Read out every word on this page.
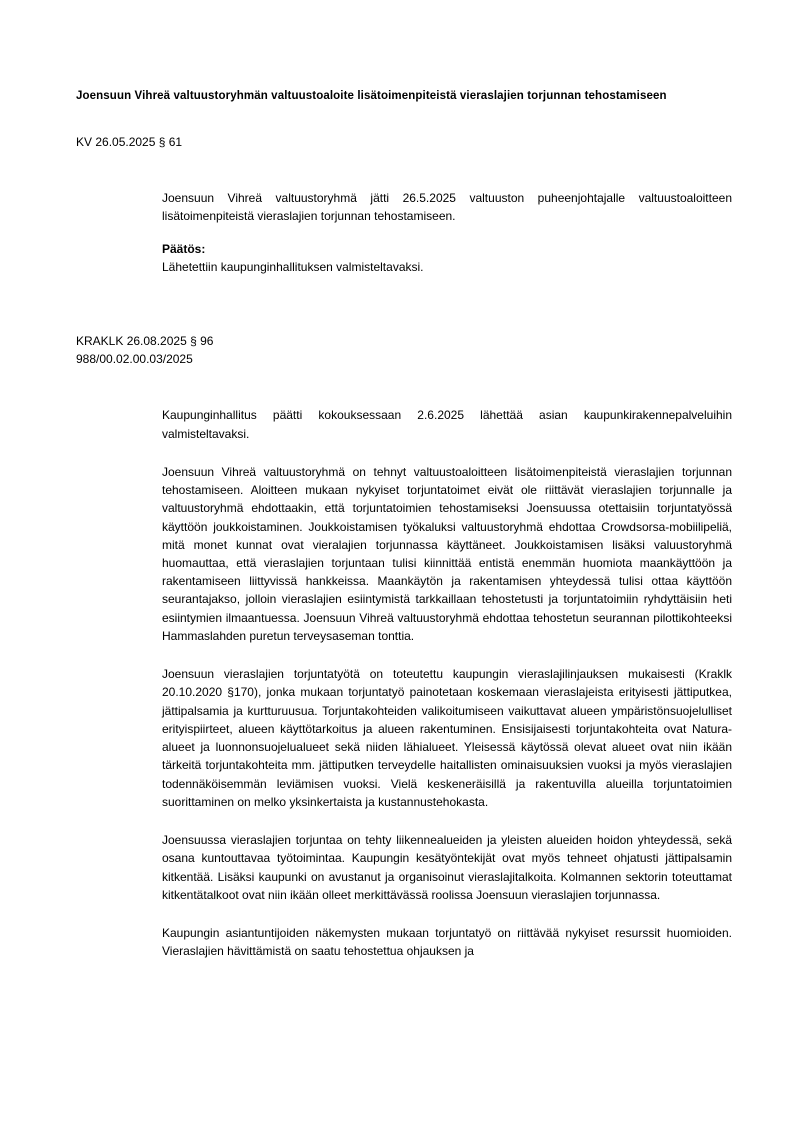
Joensuun Vihreä valtuustoryhmän valtuustoaloite lisätoimenpiteistä vieraslajien torjunnan tehostamiseen
KV 26.05.2025 § 61

Joensuun Vihreä valtuustoryhmä jätti 26.5.2025 valtuuston puheenjohtajalle valtuustoaloitteen lisätoimenpiteistä vieraslajien torjunnan tehostamiseen.

Päätös:

Lähetettiin kaupunginhallituksen valmisteltavaksi.

KRAKLK 26.08.2025 § 96

988/00.02.00.03/2025

Kaupunginhallitus päätti kokouksessaan 2.6.2025 lähettää asian kaupunkirakennepalveluihin valmisteltavaksi.

Joensuun Vihreä valtuustoryhmä on tehnyt valtuustoaloitteen lisätoimenpiteistä vieraslajien torjunnan tehostamiseen. Aloitteen mukaan nykyiset torjuntatoimet eivät ole riittävät vieraslajien torjunnalle ja valtuustoryhmä ehdottaakin, että torjuntatoimien tehostamiseksi Joensuussa otettaisiin torjuntatyössä käyttöön joukkoistaminen. Joukkoistamisen työkaluksi valtuustoryhmä ehdottaa Crowdsorsa-mobiilipeliä, mitä monet kunnat ovat vieralajien torjunnassa käyttäneet. Joukkoistamisen lisäksi valuustoryhmä huomauttaa, että vieraslajien torjuntaan tulisi kiinnittää entistä enemmän huomiota maankäyttöön ja rakentamiseen liittyvissä hankkeissa. Maankäytön ja rakentamisen yhteydessä tulisi ottaa käyttöön seurantajakso, jolloin vieraslajien esiintymistä tarkkaillaan tehostetusti ja torjuntatoimiin ryhdyttäisiin heti esiintymien ilmaantuessa. Joensuun Vihreä valtuustoryhmä ehdottaa tehostetun seurannan pilottikohteeksi Hammaslahden puretun terveysaseman tonttia.

Joensuun vieraslajien torjuntatyötä on toteutettu kaupungin vieraslajilinjauksen mukaisesti (Kraklk 20.10.2020 §170), jonka mukaan torjuntatyö painotetaan koskemaan vieraslajeista erityisesti jättiputkea, jättipalsamia ja kurtturuusua. Torjuntakohteiden valikoitumiseen vaikuttavat alueen ympäristönsuojelulliset erityispiirteet, alueen käyttötarkoitus ja alueen rakentuminen. Ensisijaisesti torjuntakohteita ovat Natura-alueet ja luonnonsuojelualueet sekä niiden lähialueet. Yleisessä käytössä olevat alueet ovat niin ikään tärkeitä torjuntakohteita mm. jättiputken terveydelle haitallisten ominaisuuksien vuoksi ja myös vieraslajien todennäköisemmän leviämisen vuoksi. Vielä keskeneräisillä ja rakentuvilla alueilla torjuntatoimien suorittaminen on melko yksinkertaista ja kustannustehokasta.

Joensuussa vieraslajien torjuntaa on tehty liikennealueiden ja yleisten alueiden hoidon yhteydessä, sekä osana kuntouttavaa työtoimintaa. Kaupungin kesätyöntekijät ovat myös tehneet ohjatusti jättipalsamin kitkentää. Lisäksi kaupunki on avustanut ja organisoinut vieraslajitalkoita. Kolmannen sektorin toteuttamat kitkentätalkoot ovat niin ikään olleet merkittävässä roolissa Joensuun vieraslajien torjunnassa.

Kaupungin asiantuntijoiden näkemysten mukaan torjuntatyö on riittävää nykyiset resurssit huomioiden. Vieraslajien hävittämistä on saatu tehostettua ohjauksen ja
